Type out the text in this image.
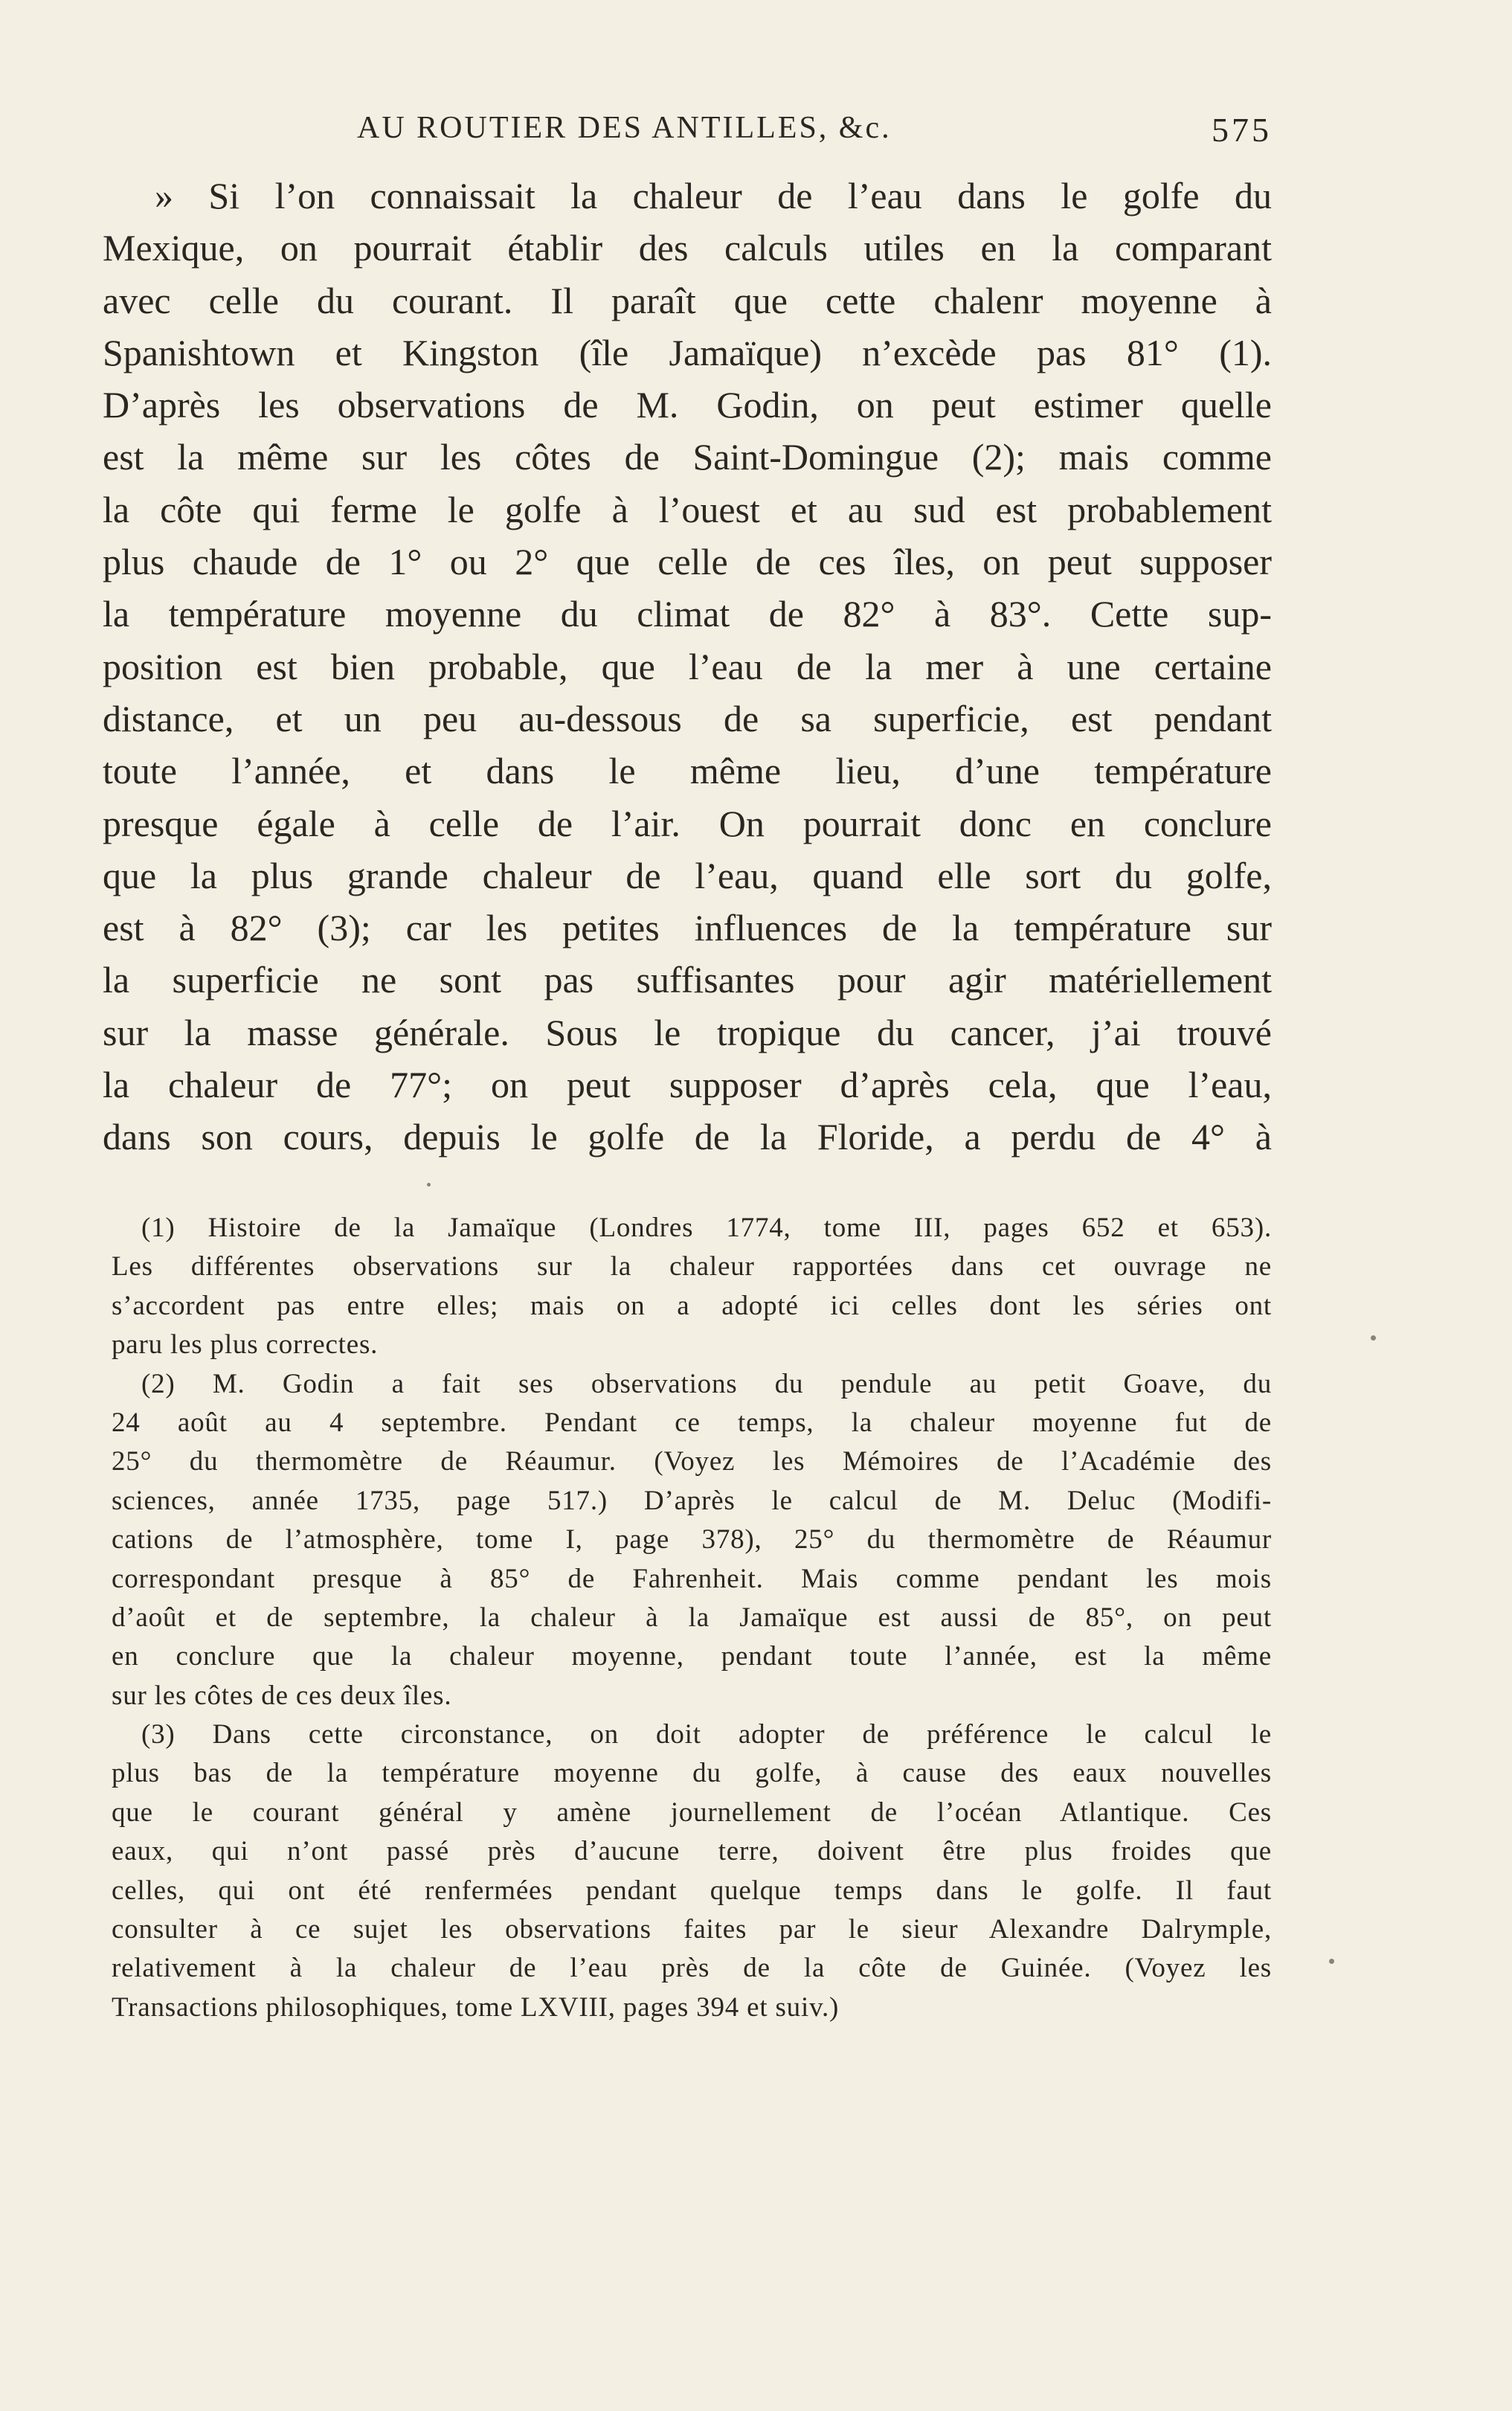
AU ROUTIER DES ANTILLES, &c.	575
» Si l’on connaissait la chaleur de l’eau dans le golfe du
Mexique, on pourrait établir des calculs utiles en la comparant
avec celle du courant. Il paraît que cette chalenr moyenne à
Spanishtown et Kingston (île Jamaïque) n’excède pas 81° (1).
D’après les observations de M. Godin, on peut estimer quelle
est la même sur les côtes de Saint-Domingue (2); mais comme
la côte qui ferme le golfe à l’ouest et au sud est probablement
plus chaude de 1° ou 2° que celle de ces îles, on peut supposer
la température moyenne du climat de 82° à 83°. Cette sup-
position est bien probable, que l’eau de la mer à une certaine
distance, et un peu au-dessous de sa superficie, est pendant
toute l’année, et dans le même lieu, d’une température
presque égale à celle de l’air. On pourrait donc en conclure
que la plus grande chaleur de l’eau, quand elle sort du golfe,
est à 82° (3); car les petites influences de la température sur
la superficie ne sont pas suffisantes pour agir matériellement
sur la masse générale. Sous le tropique du cancer, j’ai trouvé
la chaleur de 77°; on peut supposer d’après cela, que l’eau,
dans son cours, depuis le golfe de la Floride, a perdu de 4° à
(1) Histoire de la Jamaïque (Londres 1774, tome III, pages 652 et 653).
Les différentes observations sur la chaleur rapportées dans cet ouvrage ne
s’accordent pas entre elles; mais on a adopté ici celles dont les séries ont
paru les plus correctes.
(2) M. Godin a fait ses observations du pendule au petit Goave, du
24 août au 4 septembre. Pendant ce temps, la chaleur moyenne fut de
25° du thermomètre de Réaumur. (Voyez les Mémoires de l’Académie des
sciences, année 1735, page 517.) D’après le calcul de M. Deluc (Modifi-
cations de l’atmosphère, tome I, page 378), 25° du thermomètre de Réaumur
correspondant presque à 85° de Fahrenheit. Mais comme pendant les mois
d’août et de septembre, la chaleur à la Jamaïque est aussi de 85°, on peut
en conclure que la chaleur moyenne, pendant toute l’année, est la même
sur les côtes de ces deux îles.
(3) Dans cette circonstance, on doit adopter de préférence le calcul le
plus bas de la température moyenne du golfe, à cause des eaux nouvelles
que le courant général y amène journellement de l’océan Atlantique. Ces
eaux, qui n’ont passé près d’aucune terre, doivent être plus froides que
celles, qui ont été renfermées pendant quelque temps dans le golfe. Il faut
consulter à ce sujet les observations faites par le sieur Alexandre Dalrymple,
relativement à la chaleur de l’eau près de la côte de Guinée. (Voyez les
Transactions philosophiques, tome LXVIII, pages 394 et suiv.)
